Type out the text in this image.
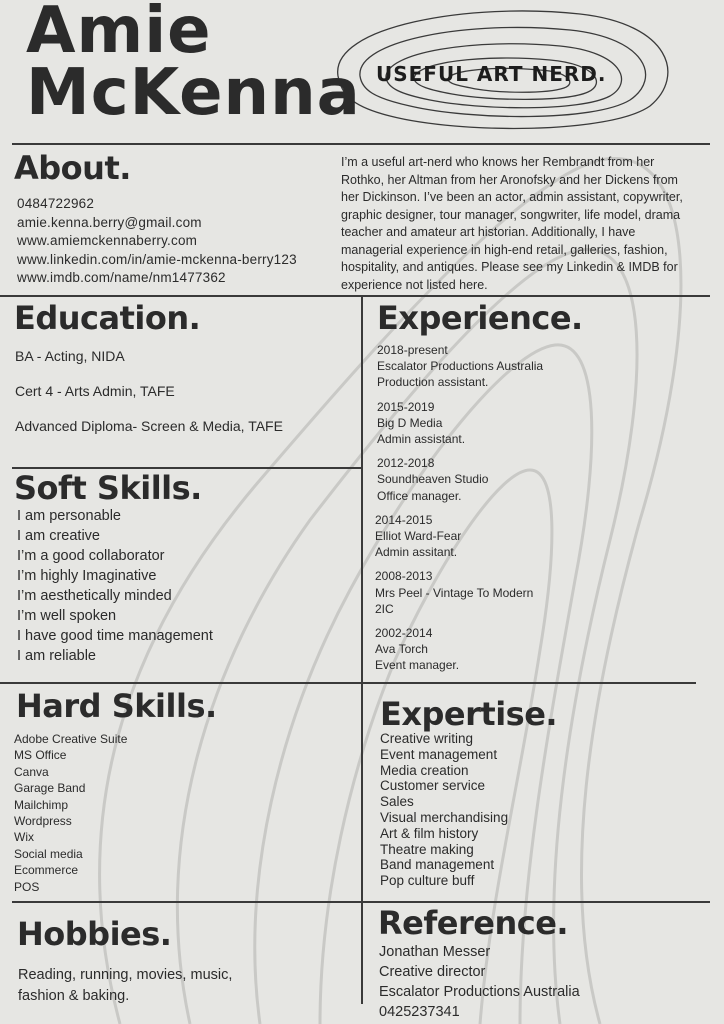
Amie
McKenna USEFUL ART NERD.
About.
0484722962
amie.kenna.berry@gmail.com
www.amiemckennaberry.com
www.linkedin.com/in/amie-mckenna-berry123
www.imdb.com/name/nm1477362
I’m a useful art-nerd who knows her Rembrandt from her
Rothko, her Altman from her Aronofsky and her Dickens from
her Dickinson. I’ve been an actor, admin assistant, copywriter,
graphic designer, tour manager, songwriter, life model, drama
teacher and amateur art historian. Additionally, I have
managerial experience in high-end retail, galleries, fashion,
hospitality, and antiques. Please see my Linkedin & IMDB for
experience not listed here.
Education.
BA - Acting, NIDA
Cert 4 - Arts Admin, TAFE
Advanced Diploma- Screen & Media, TAFE
Soft Skills.
I am personable
I am creative
I’m a good collaborator
I’m highly Imaginative
I’m aesthetically minded
I’m well spoken
I have good time management
I am reliable
Experience.
2018-present
Escalator Productions Australia
Production assistant.
2015-2019
Big D Media
Admin assistant.
2012-2018
Soundheaven Studio
Office manager.
2014-2015
Elliot Ward-Fear
Admin assitant.
2008-2013
Mrs Peel - Vintage To Modern
2IC
2002-2014
Ava Torch
Event manager.
Hard Skills.
Adobe Creative Suite
MS Office
Canva
Garage Band
Mailchimp
Wordpress
Wix
Social media
Ecommerce
POS
Expertise.
Creative writing
Event management
Media creation
Customer service
Sales
Visual merchandising
Art & film history
Theatre making
Band management
Pop culture buff
Hobbies.
Reading, running, movies, music,
fashion & baking.
Reference.
Jonathan Messer
Creative director
Escalator Productions Australia
0425237341
